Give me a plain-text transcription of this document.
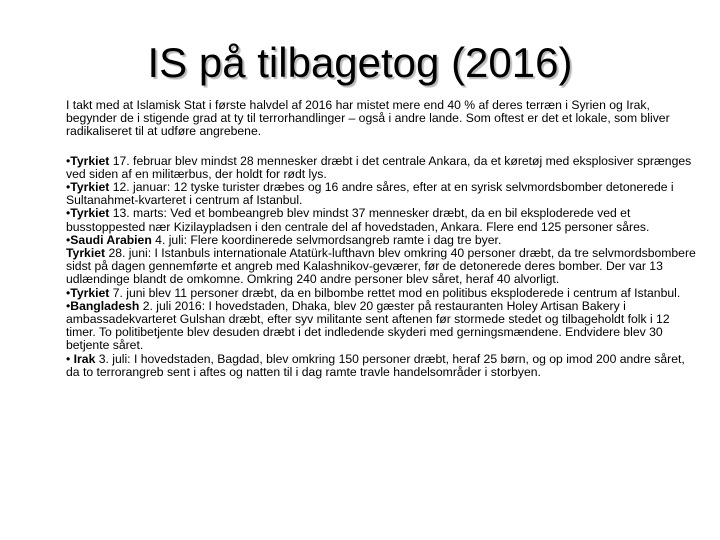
IS på tilbagetog (2016)

I takt med at Islamisk Stat i første halvdel af 2016 har mistet mere end 40 % af deres terræn i Syrien og Irak, begynder de i stigende grad at ty til terrorhandlinger – også i andre lande. Som oftest er det et lokale, som bliver radikaliseret til at udføre angrebene.

•Tyrkiet 17. februar blev mindst 28 mennesker dræbt i det centrale Ankara, da et køretøj med eksplosiver sprænges ved siden af en militærbus, der holdt for rødt lys.

•Tyrkiet 12. januar: 12 tyske turister dræbes og 16 andre såres, efter at en syrisk selvmordsbomber detonerede i Sultanahmet-kvarteret i centrum af Istanbul.

•Tyrkiet 13. marts: Ved et bombeangreb blev mindst 37 mennesker dræbt, da en bil eksploderede ved et busstoppested nær Kizilaypladsen i den centrale del af hovedstaden, Ankara. Flere end 125 personer såres.

•Saudi Arabien 4. juli: Flere koordinerede selvmordsangreb ramte i dag tre byer.

Tyrkiet 28. juni: I Istanbuls internationale Atatürk-lufthavn blev omkring 40 personer dræbt, da tre selvmordsbombere sidst på dagen gennemførte et angreb med Kalashnikov-geværer, før de detonerede deres bomber. Der var 13 udlændinge blandt de omkomne. Omkring 240 andre personer blev såret, heraf 40 alvorligt.

•Tyrkiet 7. juni blev 11 personer dræbt, da en bilbombe rettet mod en politibus eksploderede i centrum af Istanbul.

•Bangladesh 2. juli 2016: I hovedstaden, Dhaka, blev 20 gæster på restauranten Holey Artisan Bakery i ambassadekvarteret Gulshan dræbt, efter syv militante sent aftenen før stormede stedet og tilbageholdt folk i 12 timer. To politibetjente blev desuden dræbt i det indledende skyderi med gerningsmændene. Endvidere blev 30 betjente såret.

• Irak 3. juli: I hovedstaden, Bagdad, blev omkring 150 personer dræbt, heraf 25 børn, og op imod 200 andre såret, da to terrorangreb sent i aftes og natten til i dag ramte travle handelsområder i storbyen.
